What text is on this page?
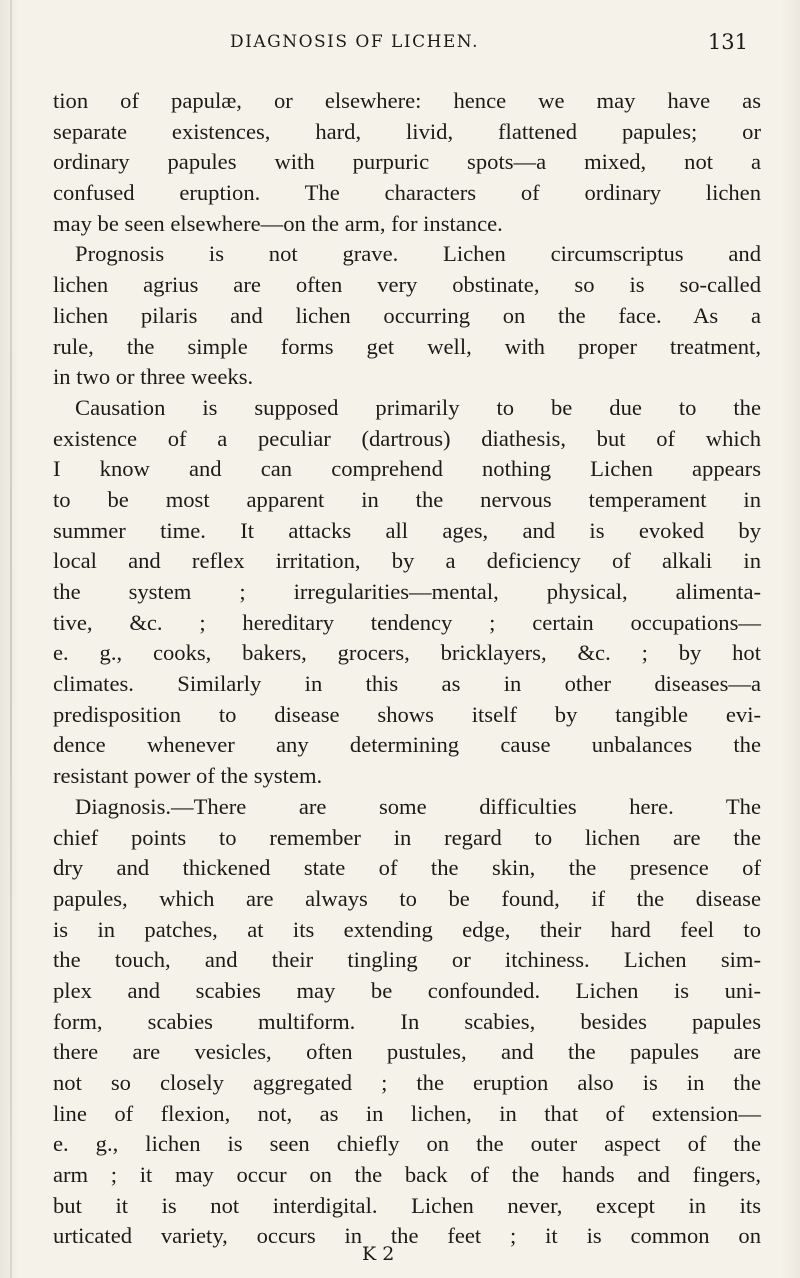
DIAGNOSIS OF LICHEN.	131
tion of papulæ, or elsewhere: hence we may have as
separate existences, hard, livid, flattened papules; or
ordinary papules with purpuric spots—a mixed, not a
confused eruption. The characters of ordinary lichen
may be seen elsewhere—on the arm, for instance.
Prognosis is not grave. Lichen circumscriptus and
lichen agrius are often very obstinate, so is so-called
lichen pilaris and lichen occurring on the face. As a
rule, the simple forms get well, with proper treatment,
in two or three weeks.
Causation is supposed primarily to be due to the
existence of a peculiar (dartrous) diathesis, but of which
I know and can comprehend nothing Lichen appears
to be most apparent in the nervous temperament in
summer time. It attacks all ages, and is evoked by
local and reflex irritation, by a deficiency of alkali in
the system ; irregularities—mental, physical, alimenta-
tive, &c. ; hereditary tendency ; certain occupations—
e. g., cooks, bakers, grocers, bricklayers, &c. ; by hot
climates. Similarly in this as in other diseases—a
predisposition to disease shows itself by tangible evi-
dence whenever any determining cause unbalances the
resistant power of the system.
Diagnosis.—There are some difficulties here. The
chief points to remember in regard to lichen are the
dry and thickened state of the skin, the presence of
papules, which are always to be found, if the disease
is in patches, at its extending edge, their hard feel to
the touch, and their tingling or itchiness. Lichen sim-
plex and scabies may be confounded. Lichen is uni-
form, scabies multiform. In scabies, besides papules
there are vesicles, often pustules, and the papules are
not so closely aggregated ; the eruption also is in the
line of flexion, not, as in lichen, in that of extension—
e. g., lichen is seen chiefly on the outer aspect of the
arm ; it may occur on the back of the hands and fingers,
but it is not interdigital. Lichen never, except in its
urticated variety, occurs in the feet ; it is common on
K 2
